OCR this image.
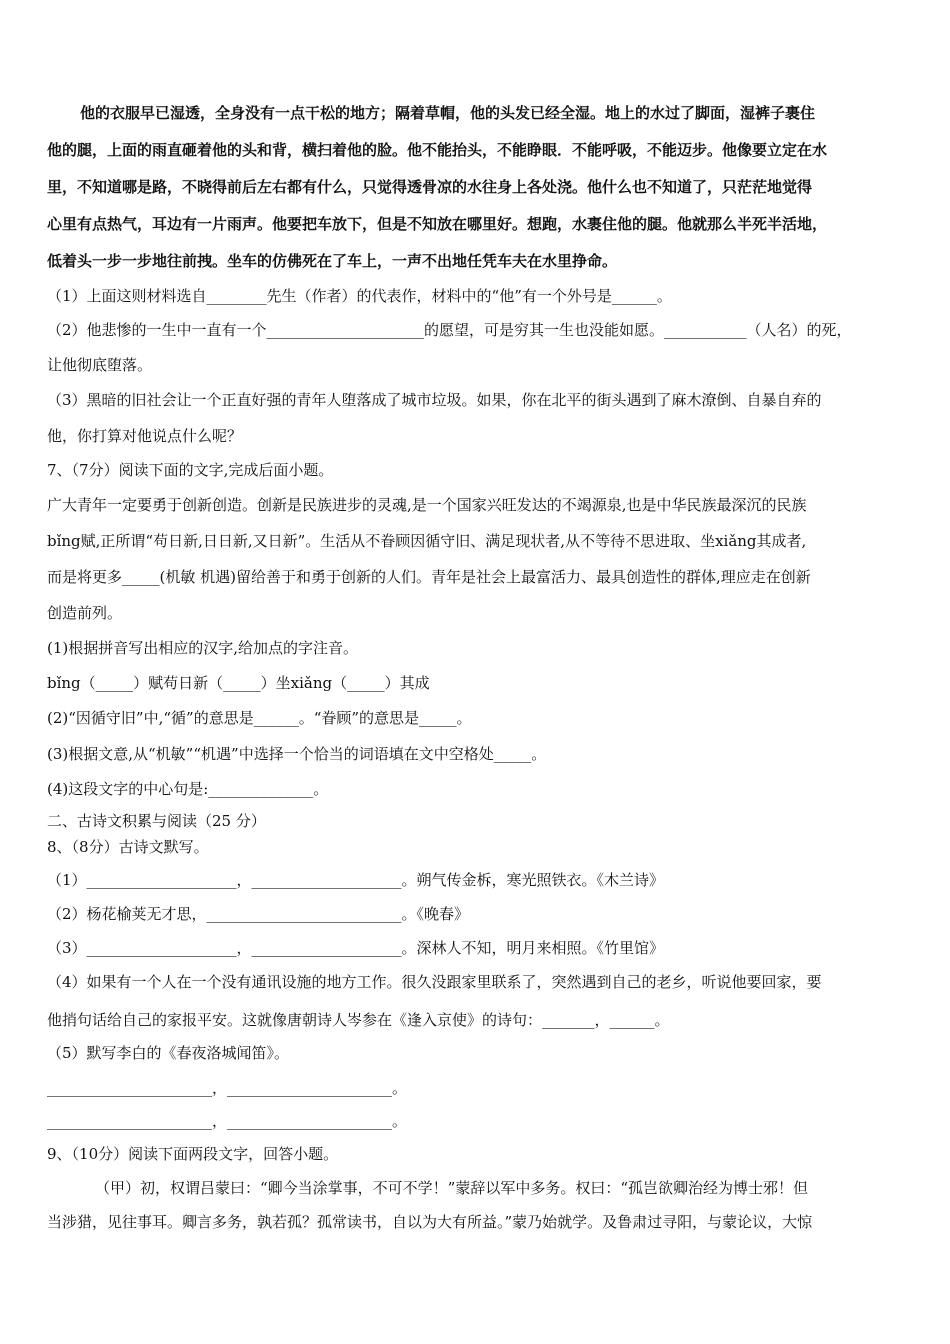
他的衣服早已湿透，全身没有一点干松的地方；隔着草帽，他的头发已经全湿。地上的水过了脚面，湿裤子裹住
他的腿，上面的雨直砸着他的头和背，横扫着他的脸。他不能抬头，不能睁眼．不能呼吸，不能迈步。他像要立定在水
里，不知道哪是路，不晓得前后左右都有什么，只觉得透骨凉的水往身上各处浇。他什么也不知道了，只茫茫地觉得
心里有点热气，耳边有一片雨声。他要把车放下，但是不知放在哪里好。想跑，水裹住他的腿。他就那么半死半活地，
低着头一步一步地往前拽。坐车的仿佛死在了车上，一声不出地任凭车夫在水里挣命。
（1）上面这则材料选自________先生（作者）的代表作，材料中的“他”有一个外号是______。
（2）他悲惨的一生中一直有一个_____________________的愿望，可是穷其一生也没能如愿。___________（人名）的死，
让他彻底堕落。
（3）黑暗的旧社会让一个正直好强的青年人堕落成了城市垃圾。如果，你在北平的街头遇到了麻木潦倒、自暴自弃的
他，你打算对他说点什么呢？
7、（7分）阅读下面的文字,完成后面小题。
广大青年一定要勇于创新创造。创新是民族进步的灵魂,是一个国家兴旺发达的不竭源泉,也是中华民族最深沉的民族
bǐng赋,正所谓“苟日新,日日新,又日新”。生活从不眷顾因循守旧、满足现状者,从不等待不思进取、坐xiǎng其成者,
而是将更多_____(机敏 机遇)留给善于和勇于创新的人们。青年是社会上最富活力、最具创造性的群体,理应走在创新
创造前列。
(1)根据拼音写出相应的汉字,给加点的字注音。
bǐng（_____）赋苟日新（_____）坐xiǎng（_____）其成
(2)“因循守旧”中,“循”的意思是______。“眷顾”的意思是_____。
(3)根据文意,从“机敏”“机遇”中选择一个恰当的词语填在文中空格处_____。
(4)这段文字的中心句是:______________。
二、古诗文积累与阅读（25 分）
8、（8分）古诗文默写。
（1）____________________，____________________。朔气传金柝，寒光照铁衣。《木兰诗》
（2）杨花榆荚无才思，__________________________。《晚春》
（3）____________________，____________________。深林人不知，明月来相照。《竹里馆》
（4）如果有一个人在一个没有通讯设施的地方工作。很久没跟家里联系了，突然遇到自己的老乡，听说他要回家，要
他捎句话给自己的家报平安。这就像唐朝诗人岑参在《逢入京使》的诗句：_______，______。
（5）默写李白的《春夜洛城闻笛》。
______________________，______________________。
______________________，______________________。
9、（10分）阅读下面两段文字，回答小题。
（甲）初，权谓吕蒙曰：“卿今当涂掌事，不可不学！”蒙辞以军中多务。权曰：“孤岂欲卿治经为博士邪！但
当涉猎，见往事耳。卿言多务，孰若孤？孤常读书，自以为大有所益。”蒙乃始就学。及鲁肃过寻阳，与蒙论议，大惊
